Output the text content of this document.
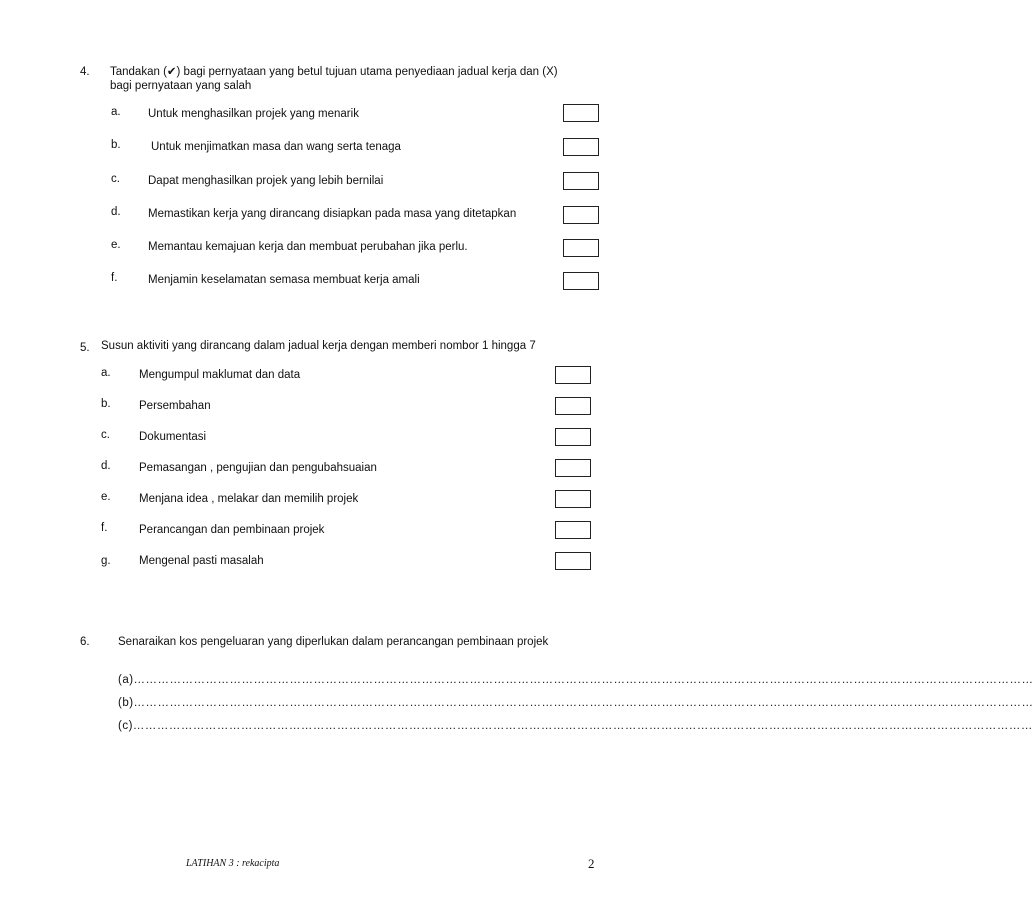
4. Tandakan (✔) bagi pernyataan yang betul tujuan utama penyediaan jadual kerja dan (X)
bagi pernyataan yang salah
a. Untuk menghasilkan projek yang menarik
b.	Untuk menjimatkan masa dan wang serta tenaga
c. Dapat menghasilkan projek yang lebih bernilai
d. Memastikan kerja yang dirancang disiapkan pada masa yang ditetapkan
e. Memantau kemajuan kerja dan membuat perubahan jika perlu.
f.	Menjamin keselamatan semasa membuat kerja amali
5. Susun aktiviti yang dirancang dalam jadual kerja dengan memberi nombor 1 hingga 7
a. Mengumpul maklumat dan data
b. Persembahan
c.	Dokumentasi
d. Pemasangan , pengujian dan pengubahsuaian
e. Menjana idea , melakar dan memilih projek
f.	Perancangan dan pembinaan projek
g. Mengenal pasti masalah
6. Senaraikan kos pengeluaran yang diperlukan dalam perancangan pembinaan projek
(a)………………………………………………………………………………………………………………………………………………………………………………………………………
(b)………………………………………………………………………………………………………………………………………………………………………………………………………
(c)………………………………………………………………………………………………………………………………………………………………………………………………………
LATIHAN 3 : rekacipta	2
